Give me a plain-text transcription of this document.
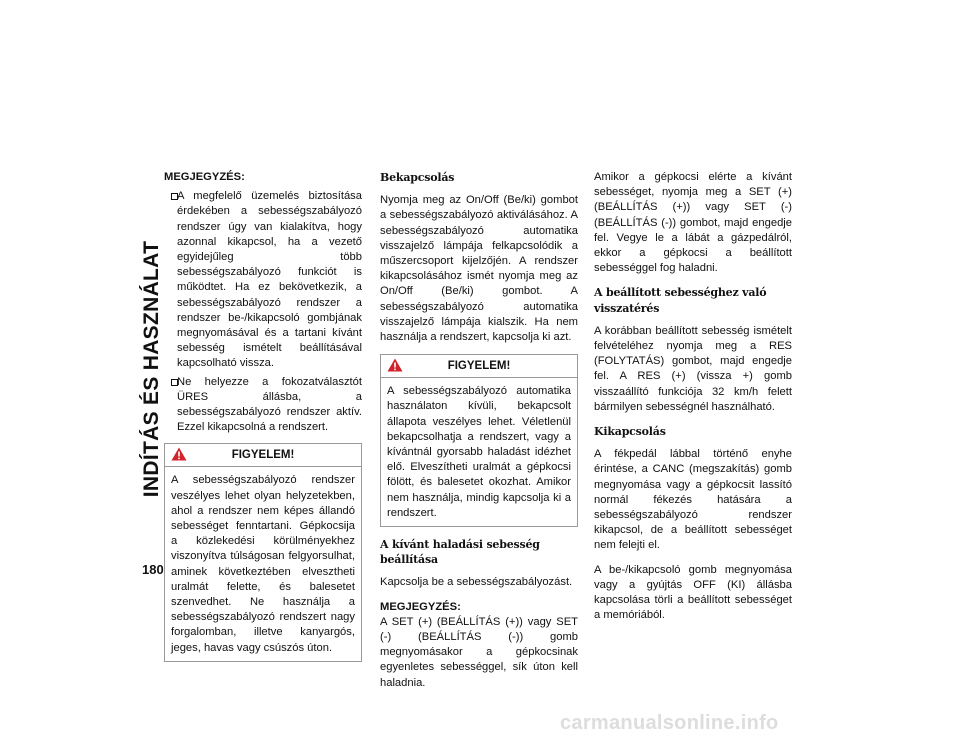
INDÍTÁS ÉS HASZNÁLAT
180

MEGJEGYZÉS:

A megfelelő üzemelés biztosítása érdekében a sebességszabályozó rendszer úgy van kialakítva, hogy azonnal kikapcsol, ha a vezető egyidejűleg több sebességszabályozó funkciót is működtet. Ha ez bekövetkezik, a sebességszabályozó rendszer a rendszer be-/kikapcsoló gombjának megnyomásával és a tartani kívánt sebesség ismételt beállításával kapcsolható vissza.
Ne helyezze a fokozatválasztót ÜRES állásba, a sebességszabályozó rendszer aktív. Ezzel kikapcsolná a rendszert.
FIGYELEM!
A sebességszabályozó rendszer veszélyes lehet olyan helyzetekben, ahol a rendszer nem képes állandó sebességet fenntartani. Gépkocsija a közlekedési körülményekhez viszonyítva túlságosan felgyorsulhat, aminek következtében elvesztheti uralmát felette, és balesetet szenvedhet. Ne használja a sebességszabályozó rendszert nagy forgalomban, illetve kanyargós, jeges, havas vagy csúszós úton.
Bekapcsolás

Nyomja meg az On/Off (Be/ki) gombot a sebességszabályozó aktiválásához. A sebességszabályozó automatika visszajelző lámpája felkapcsolódik a műszercsoport kijelzőjén. A rendszer kikapcsolásához ismét nyomja meg az On/Off (Be/ki) gombot. A sebességszabályozó automatika visszajelző lámpája kialszik. Ha nem használja a rendszert, kapcsolja ki azt.

FIGYELEM!
A sebességszabályozó automatika használaton kívüli, bekapcsolt állapota veszélyes lehet. Véletlenül bekapcsolhatja a rendszert, vagy a kívántnál gyorsabb haladást idézhet elő. Elveszítheti uralmát a gépkocsi fölött, és balesetet okozhat. Amikor nem használja, mindig kapcsolja ki a rendszert.
A kívánt haladási sebesség beállítása

Kapcsolja be a sebességszabályozást.

MEGJEGYZÉS:

A SET (+) (BEÁLLÍTÁS (+)) vagy SET (-) (BEÁLLÍTÁS (-)) gomb megnyomásakor a gépkocsinak egyenletes sebességgel, sík úton kell haladnia.

Amikor a gépkocsi elérte a kívánt sebességet, nyomja meg a SET (+) (BEÁLLÍTÁS (+)) vagy SET (-) (BEÁLLÍTÁS (-)) gombot, majd engedje fel. Vegye le a lábát a gázpedálról, ekkor a gépkocsi a beállított sebességgel fog haladni.

A beállított sebességhez való visszatérés

A korábban beállított sebesség ismételt felvételéhez nyomja meg a RES (FOLYTATÁS) gombot, majd engedje fel. A RES (+) (vissza +) gomb visszaállító funkciója 32 km/h felett bármilyen sebességnél használható.

Kikapcsolás

A fékpedál lábbal történő enyhe érintése, a CANC (megszakítás) gomb megnyomása vagy a gépkocsit lassító normál fékezés hatására a sebességszabályozó rendszer kikapcsol, de a beállított sebességet nem felejti el.

A be-/kikapcsoló gomb megnyomása vagy a gyújtás OFF (KI) állásba kapcsolása törli a beállított sebességet a memóriából.

carmanualsonline.info
